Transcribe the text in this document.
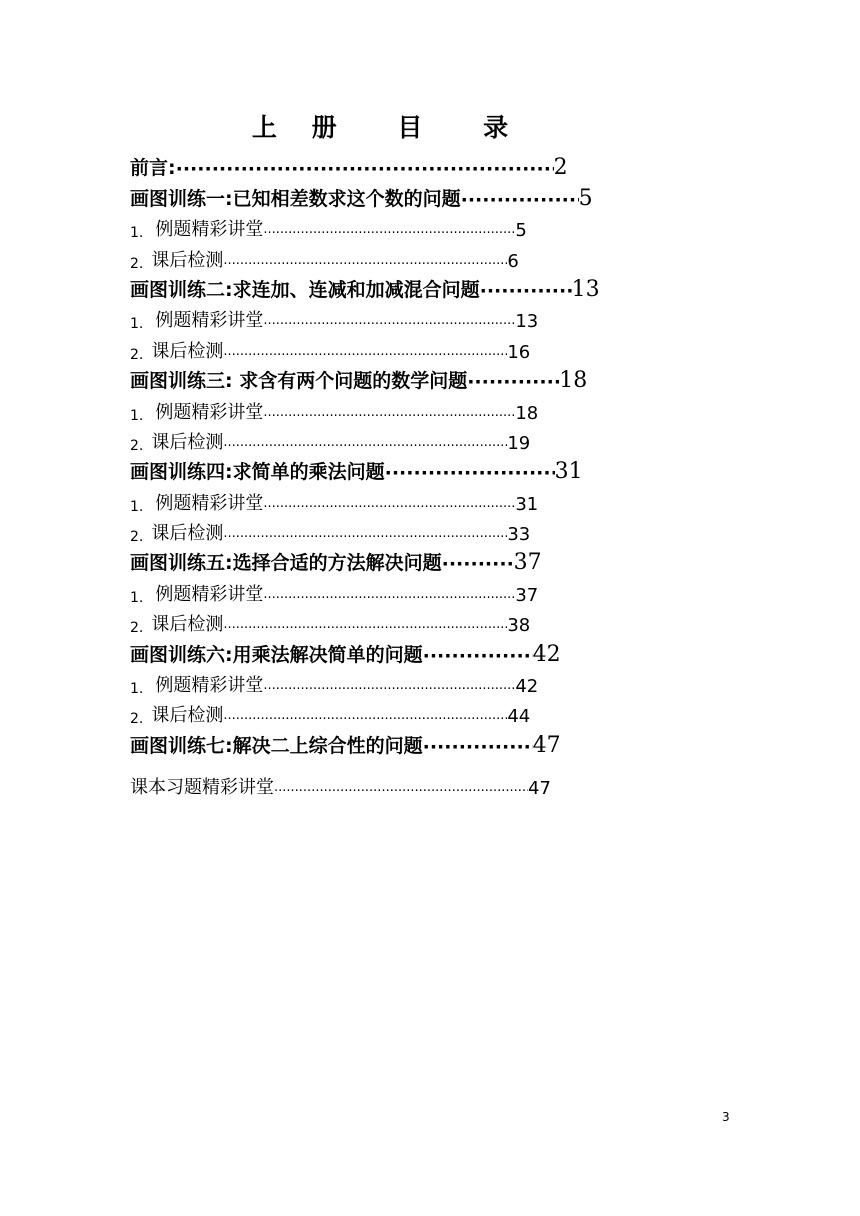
上 册 目 录
前言: ·····	2
画图训练一:已知相差数求这个数的问题 ·····	5
1. 例题精彩讲堂 ·····	5
2. 课后检测 ·····	6
画图训练二:求连加、连减和加减混合问题 ·····	13
1. 例题精彩讲堂 ·····	13
2. 课后检测 ·····	16
画图训练三: 求含有两个问题的数学问题 ·····	18
1. 例题精彩讲堂 ·····	18
2. 课后检测 ·····	19
画图训练四:求简单的乘法问题 ·····	31
1. 例题精彩讲堂 ·····	31
2. 课后检测 ·····	33
画图训练五:选择合适的方法解决问题 ·····	37
1. 例题精彩讲堂 ·····	37
2. 课后检测 ·····	38
画图训练六:用乘法解决简单的问题 ·····	42
1. 例题精彩讲堂 ·····	42
2. 课后检测 ·····	44
画图训练七:解决二上综合性的问题 ·····	47
课本习题精彩讲堂 ·····	47
3
